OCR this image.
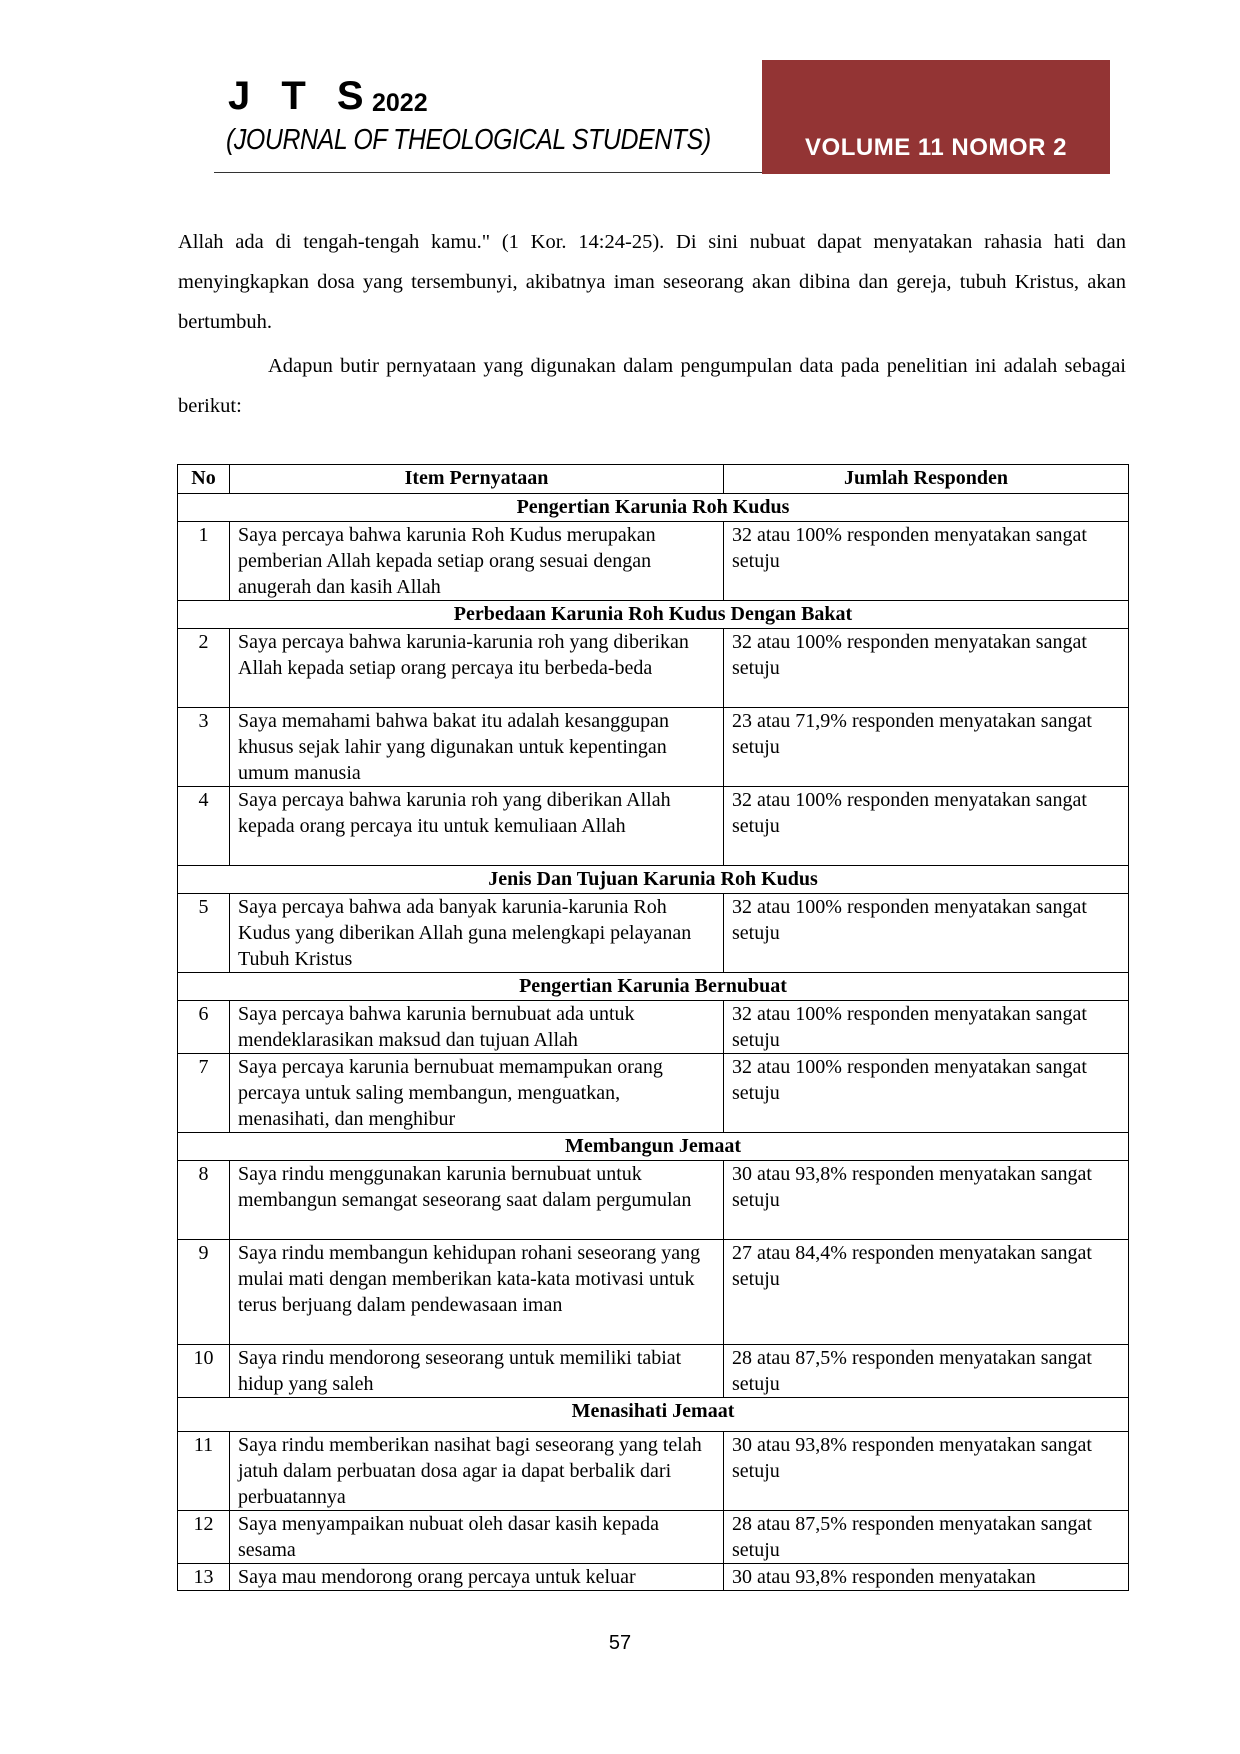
J T S
2022
(JOURNAL OF THEOLOGICAL STUDENTS)	VOLUME 11 NOMOR 2
Allah ada di tengah-tengah kamu." (1 Kor. 14:24-25). Di sini nubuat dapat menyatakan rahasia hati dan menyingkapkan dosa yang tersembunyi, akibatnya iman seseorang akan dibina dan gereja, tubuh Kristus, akan bertumbuh.
Adapun butir pernyataan yang digunakan dalam pengumpulan data pada penelitian ini adalah sebagai berikut:
No	Item Pernyataan	Jumlah Responden
Pengertian Karunia Roh Kudus		
1	Saya percaya bahwa karunia Roh Kudus merupakan pemberian Allah kepada setiap orang sesuai dengan anugerah dan kasih Allah	32 atau 100% responden menyatakan sangat setuju
Perbedaan Karunia Roh Kudus Dengan Bakat		
2	Saya percaya bahwa karunia-karunia roh yang diberikan Allah kepada setiap orang percaya itu berbeda-beda	32 atau 100% responden menyatakan sangat setuju
3	Saya memahami bahwa bakat itu adalah kesanggupan khusus sejak lahir yang digunakan untuk kepentingan umum manusia	23 atau 71,9% responden menyatakan sangat setuju
4	Saya percaya bahwa karunia roh yang diberikan Allah kepada orang percaya itu untuk kemuliaan Allah	32 atau 100% responden menyatakan sangat setuju
Jenis Dan Tujuan Karunia Roh Kudus		
5	Saya percaya bahwa ada banyak karunia-karunia Roh Kudus yang diberikan Allah guna melengkapi pelayanan Tubuh Kristus	32 atau 100% responden menyatakan sangat setuju
Pengertian Karunia Bernubuat		
6	Saya percaya bahwa karunia bernubuat ada untuk mendeklarasikan maksud dan tujuan Allah	32 atau 100% responden menyatakan sangat setuju
7	Saya percaya karunia bernubuat memampukan orang percaya untuk saling membangun, menguatkan, menasihati, dan menghibur	32 atau 100% responden menyatakan sangat setuju
Membangun Jemaat		
8	Saya rindu menggunakan karunia bernubuat untuk membangun semangat seseorang saat dalam pergumulan	30 atau 93,8% responden menyatakan sangat setuju
9	Saya rindu membangun kehidupan rohani seseorang yang mulai mati dengan memberikan kata-kata motivasi untuk terus berjuang dalam pendewasaan iman	27 atau 84,4% responden menyatakan sangat setuju
10	Saya rindu mendorong seseorang untuk memiliki tabiat hidup yang saleh	28 atau 87,5% responden menyatakan sangat setuju
Menasihati Jemaat		
11	Saya rindu memberikan nasihat bagi seseorang yang telah jatuh dalam perbuatan dosa agar ia dapat berbalik dari perbuatannya	30 atau 93,8% responden menyatakan sangat setuju
12	Saya menyampaikan nubuat oleh dasar kasih kepada sesama	28 atau 87,5% responden menyatakan sangat setuju
13	Saya mau mendorong orang percaya untuk keluar	30 atau 93,8% responden menyatakan
57
